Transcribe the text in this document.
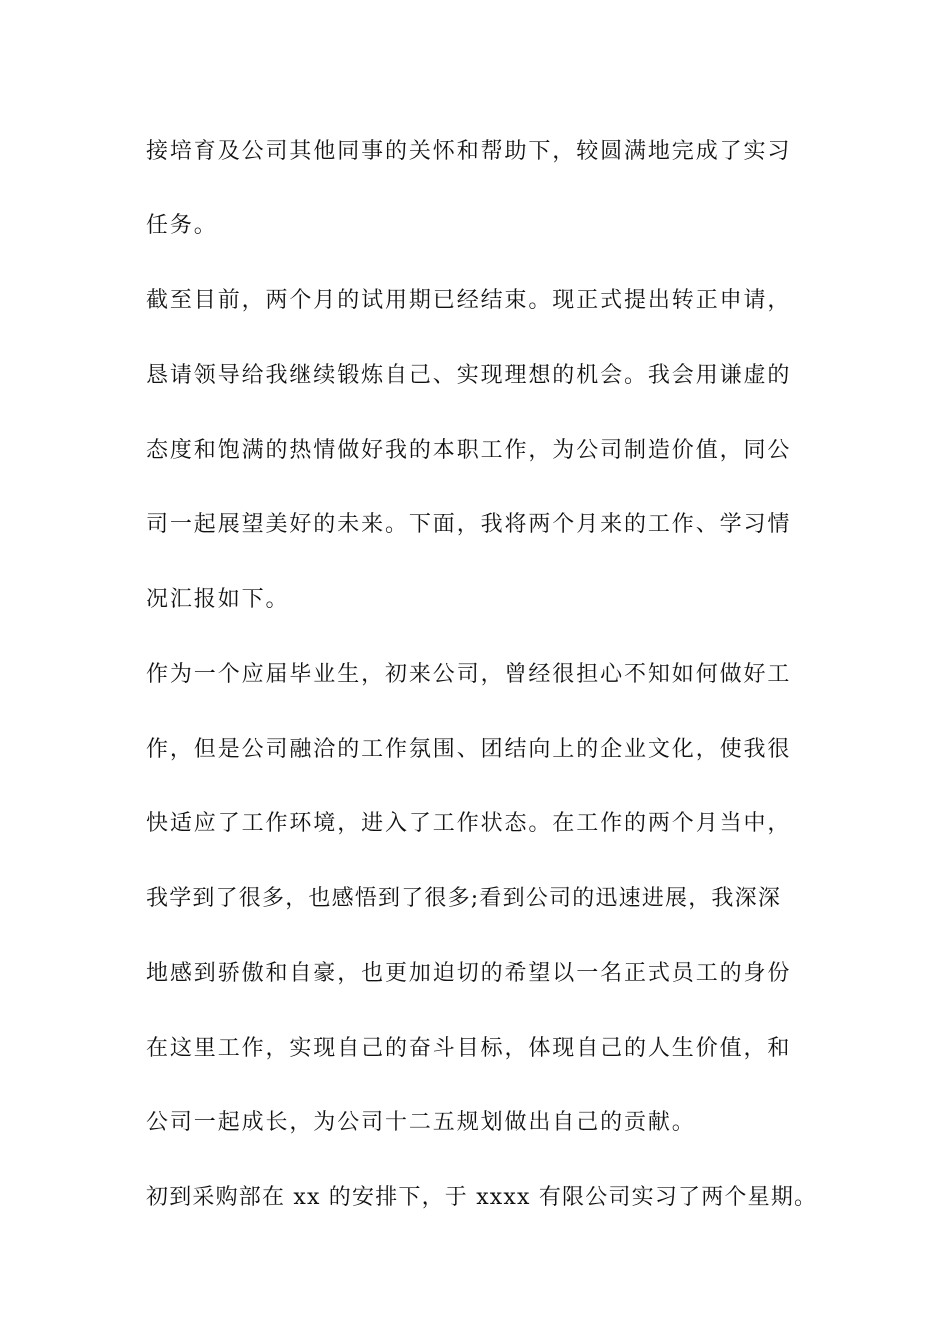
接培育及公司其他同事的关怀和帮助下，较圆满地完成了实习
任务。
截至目前，两个月的试用期已经结束。现正式提出转正申请，
恳请领导给我继续锻炼自己、实现理想的机会。我会用谦虚的
态度和饱满的热情做好我的本职工作，为公司制造价值，同公
司一起展望美好的未来。下面，我将两个月来的工作、学习情
况汇报如下。
作为一个应届毕业生，初来公司，曾经很担心不知如何做好工
作，但是公司融洽的工作氛围、团结向上的企业文化，使我很
快适应了工作环境，进入了工作状态。在工作的两个月当中，
我学到了很多，也感悟到了很多;看到公司的迅速进展，我深深
地感到骄傲和自豪，也更加迫切的希望以一名正式员工的身份
在这里工作，实现自己的奋斗目标，体现自己的人生价值，和
公司一起成长，为公司十二五规划做出自己的贡献。
初到采购部在 xx 的安排下，于 xxxx 有限公司实习了两个星期。
